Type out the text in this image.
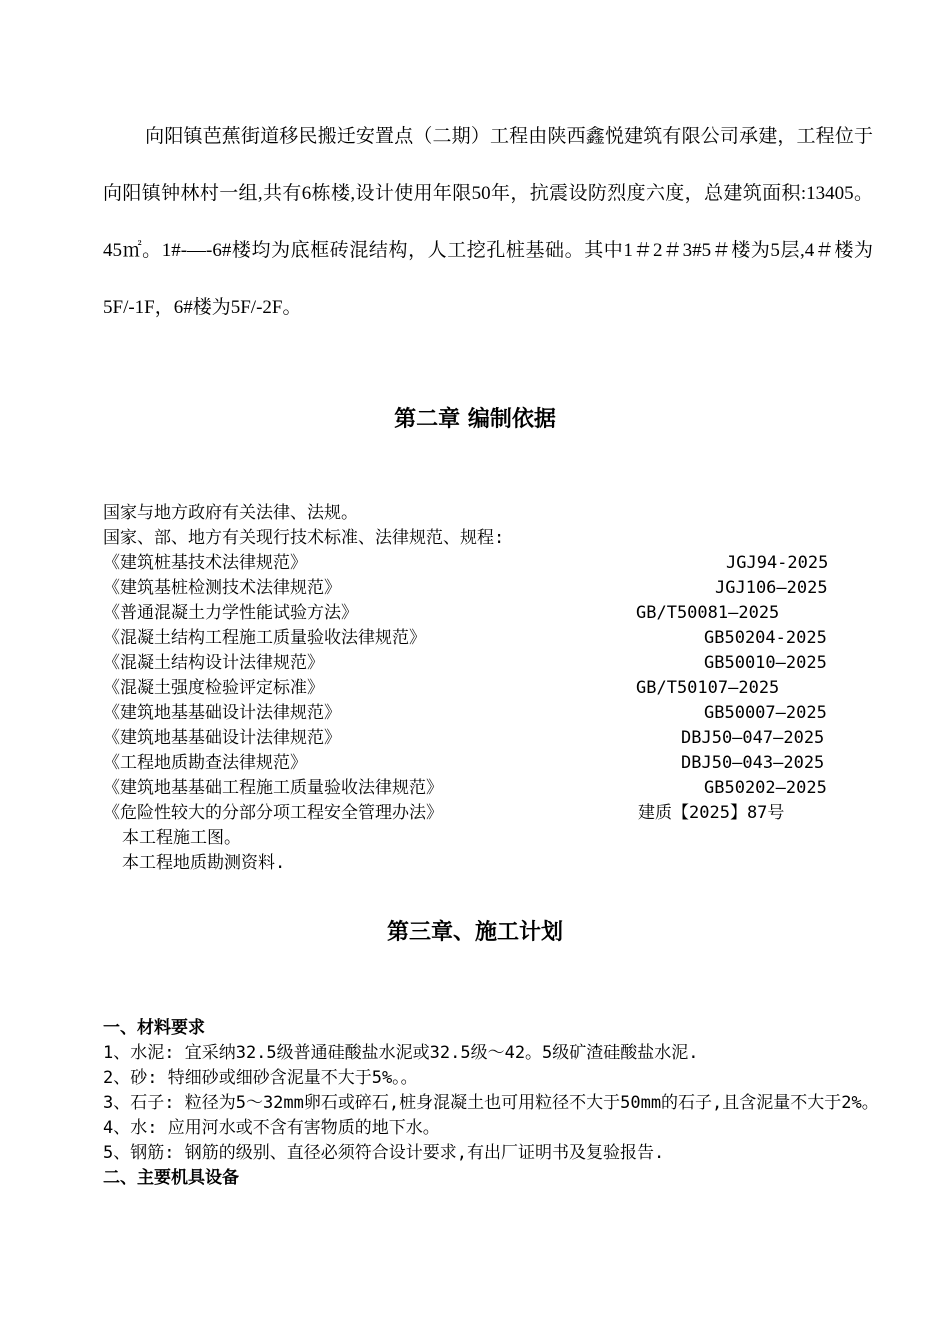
向阳镇芭蕉街道移民搬迁安置点（二期）工程由陕西鑫悦建筑有限公司承建，工程位于向阳镇钟林村一组,共有6栋楼,设计使用年限50年，抗震设防烈度六度，总建筑面积:13405。45㎡。1#-—-6#楼均为底框砖混结构，人工挖孔桩基础。其中1＃2＃3#5＃楼为5层,4＃楼为5F/-1F，6#楼为5F/-2F。
第二章 编制依据
国家与地方政府有关法律、法规。
国家、部、地方有关现行技术标准、法律规范、规程:
《建筑桩基技术法律规范》	JGJ94-2025
《建筑基桩检测技术法律规范》	JGJ106—2025
《普通混凝土力学性能试验方法》	GB/T50081—2025
《混凝土结构工程施工质量验收法律规范》	GB50204-2025
《混凝土结构设计法律规范》	GB50010—2025
《混凝土强度检验评定标准》	GB/T50107—2025
《建筑地基基础设计法律规范》	GB50007—2025
《建筑地基基础设计法律规范》	DBJ50—047—2025
《工程地质勘查法律规范》	DBJ50—043—2025
《建筑地基基础工程施工质量验收法律规范》	GB50202—2025
《危险性较大的分部分项工程安全管理办法》	建质【2025】87号
本工程施工图。
本工程地质勘测资料.
第三章、施工计划
一、材料要求
1、水泥: 宜采纳32.5级普通硅酸盐水泥或32.5级～42。5级矿渣硅酸盐水泥.
2、砂: 特细砂或细砂含泥量不大于5%。。
3、石子: 粒径为5～32mm卵石或碎石,桩身混凝土也可用粒径不大于50mm的石子,且含泥量不大于2%。
4、水: 应用河水或不含有害物质的地下水。
5、钢筋: 钢筋的级别、直径必须符合设计要求,有出厂证明书及复验报告.
二、主要机具设备
